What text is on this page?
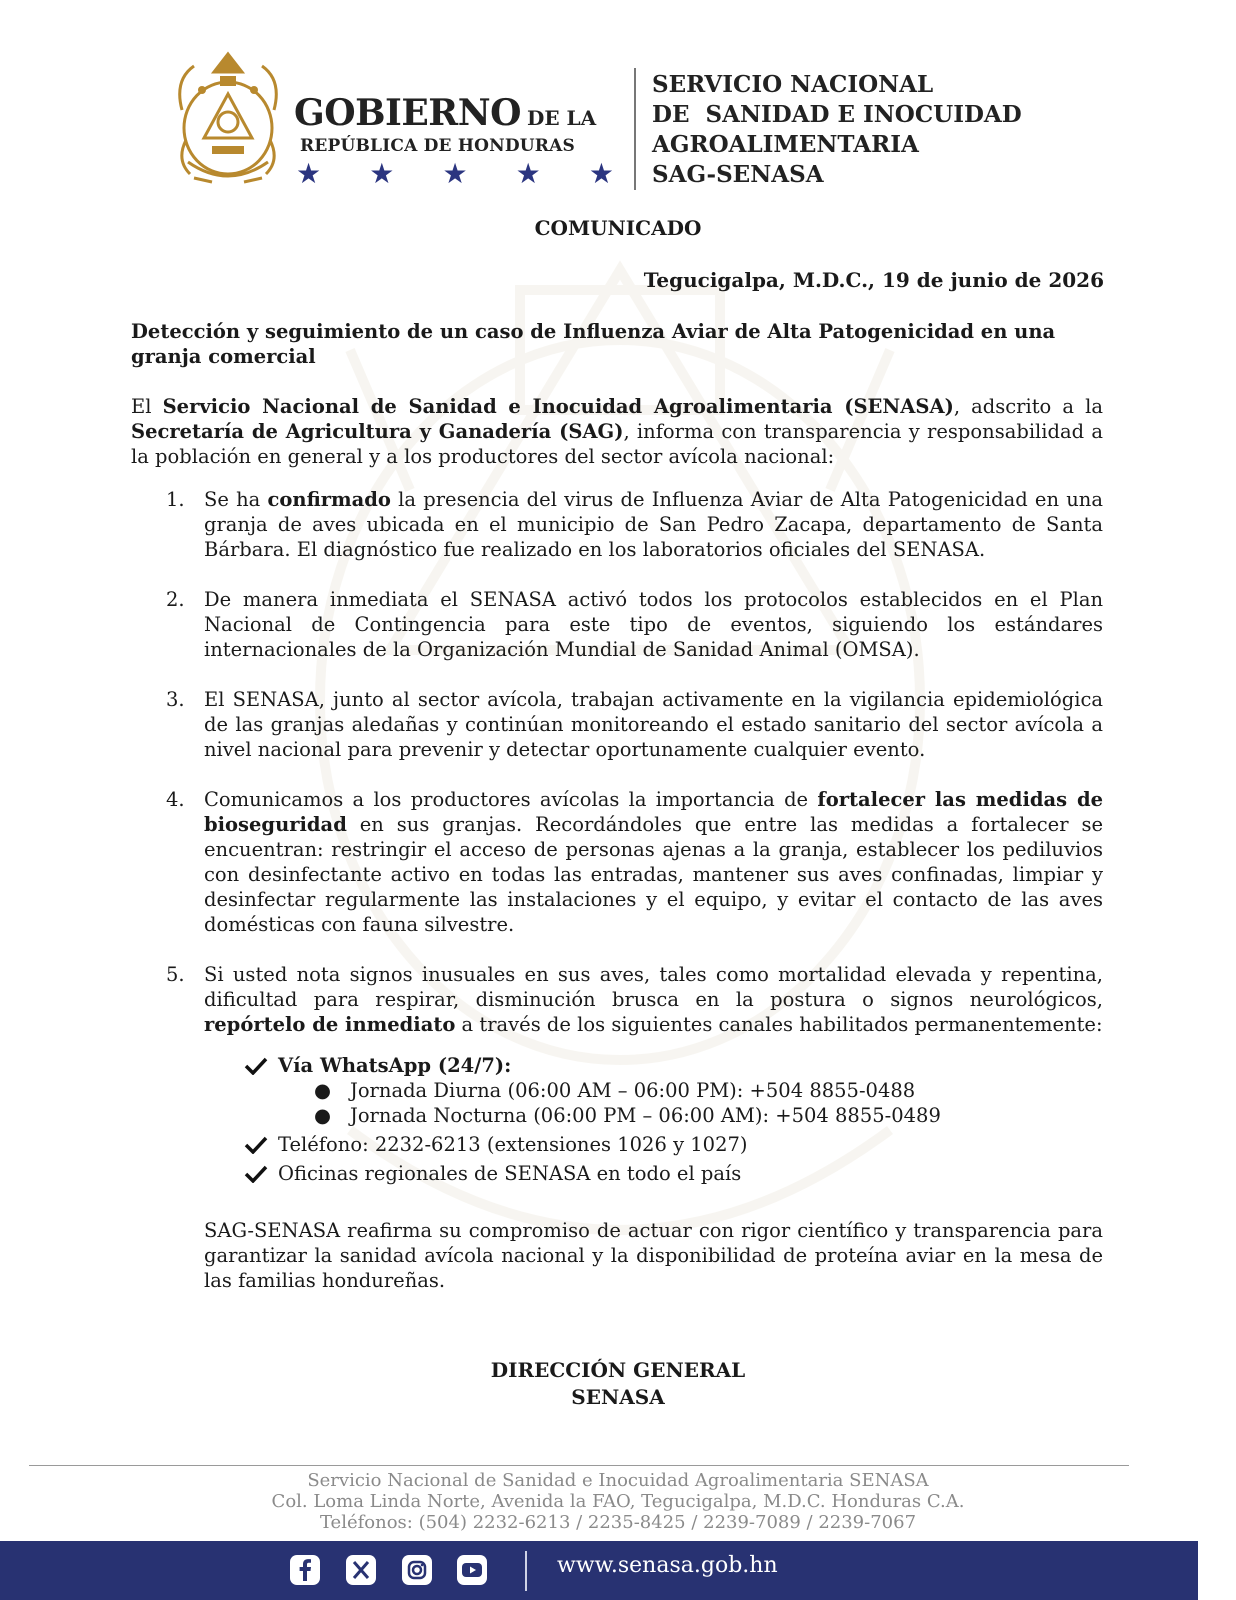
GOBIERNO DE LA
REPÚBLICA DE HONDURAS
★ ★ ★ ★ ★
SERVICIO NACIONAL
DE  SANIDAD E INOCUIDAD
AGROALIMENTARIA
SAG-SENASA
COMUNICADO
Tegucigalpa, M.D.C., 19 de junio de 2026
Detección y seguimiento de un caso de Influenza Aviar de Alta Patogenicidad en una granja comercial
El Servicio Nacional de Sanidad e Inocuidad Agroalimentaria (SENASA), adscrito a la Secretaría de Agricultura y Ganadería (SAG), informa con transparencia y responsabilidad a la población en general y a los productores del sector avícola nacional:
1. Se ha confirmado la presencia del virus de Influenza Aviar de Alta Patogenicidad en una granja de aves ubicada en el municipio de San Pedro Zacapa, departamento de Santa Bárbara. El diagnóstico fue realizado en los laboratorios oficiales del SENASA.
2. De manera inmediata el SENASA activó todos los protocolos establecidos en el Plan Nacional de Contingencia para este tipo de eventos, siguiendo los estándares internacionales de la Organización Mundial de Sanidad Animal (OMSA).
3. El SENASA, junto al sector avícola, trabajan activamente en la vigilancia epidemiológica de las granjas aledañas y continúan monitoreando el estado sanitario del sector avícola a nivel nacional para prevenir y detectar oportunamente cualquier evento.
4. Comunicamos a los productores avícolas la importancia de fortalecer las medidas de bioseguridad en sus granjas. Recordándoles que entre las medidas a fortalecer se encuentran: restringir el acceso de personas ajenas a la granja, establecer los pediluvios con desinfectante activo en todas las entradas, mantener sus aves confinadas, limpiar y desinfectar regularmente las instalaciones y el equipo, y evitar el contacto de las aves domésticas con fauna silvestre.
5. Si usted nota signos inusuales en sus aves, tales como mortalidad elevada y repentina, dificultad para respirar, disminución brusca en la postura o signos neurológicos, repórtelo de inmediato a través de los siguientes canales habilitados permanentemente:
Vía WhatsApp (24/7):
● Jornada Diurna (06:00 AM – 06:00 PM): +504 8855-0488
● Jornada Nocturna (06:00 PM – 06:00 AM): +504 8855-0489
Teléfono: 2232-6213 (extensiones 1026 y 1027)
Oficinas regionales de SENASA en todo el país
SAG-SENASA reafirma su compromiso de actuar con rigor científico y transparencia para garantizar la sanidad avícola nacional y la disponibilidad de proteína aviar en la mesa de las familias hondureñas.
DIRECCIÓN GENERAL
SENASA
Servicio Nacional de Sanidad e Inocuidad Agroalimentaria SENASA
Col. Loma Linda Norte, Avenida la FAO, Tegucigalpa, M.D.C. Honduras C.A.
Teléfonos: (504) 2232-6213 / 2235-8425 / 2239-7089 / 2239-7067
www.senasa.gob.hn
